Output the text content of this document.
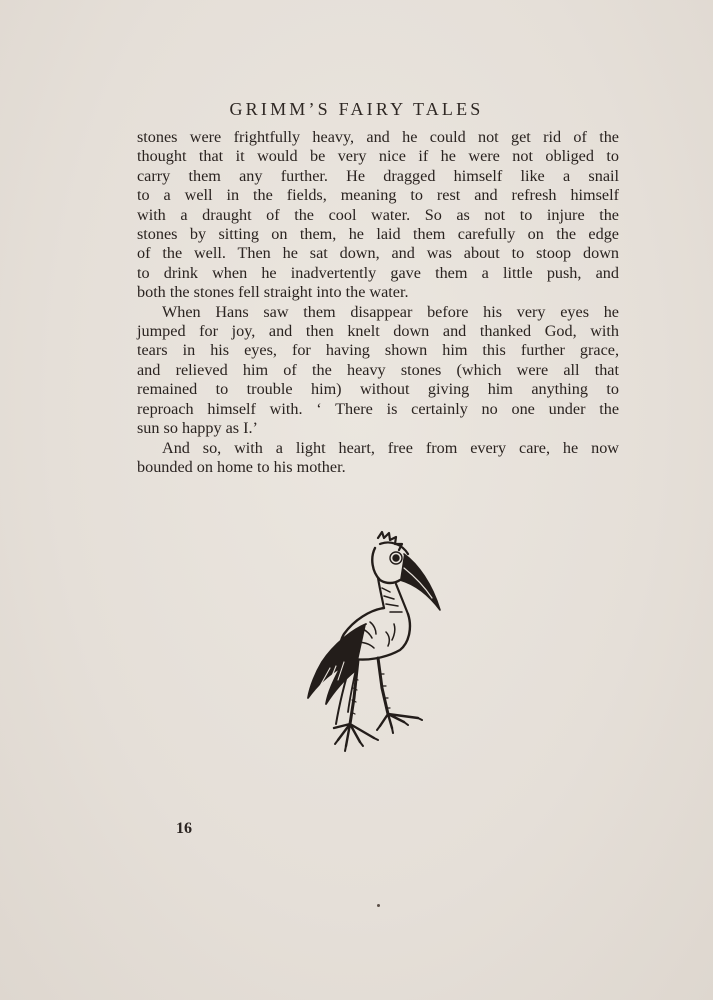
GRIMM’S FAIRY TALES

stones were frightfully heavy, and he could not get rid of the
thought that it would be very nice if he were not obliged to
carry them any further. He dragged himself like a snail
to a well in the fields, meaning to rest and refresh himself
with a draught of the cool water. So as not to injure the
stones by sitting on them, he laid them carefully on the edge
of the well. Then he sat down, and was about to stoop down
to drink when he inadvertently gave them a little push, and
both the stones fell straight into the water.

When Hans saw them disappear before his very eyes he
jumped for joy, and then knelt down and thanked God, with
tears in his eyes, for having shown him this further grace,
and relieved him of the heavy stones (which were all that
remained to trouble him) without giving him anything to
reproach himself with. ‘ There is certainly no one under the
sun so happy as I.’

And so, with a light heart, free from every care, he now
bounded on home to his mother.

16
